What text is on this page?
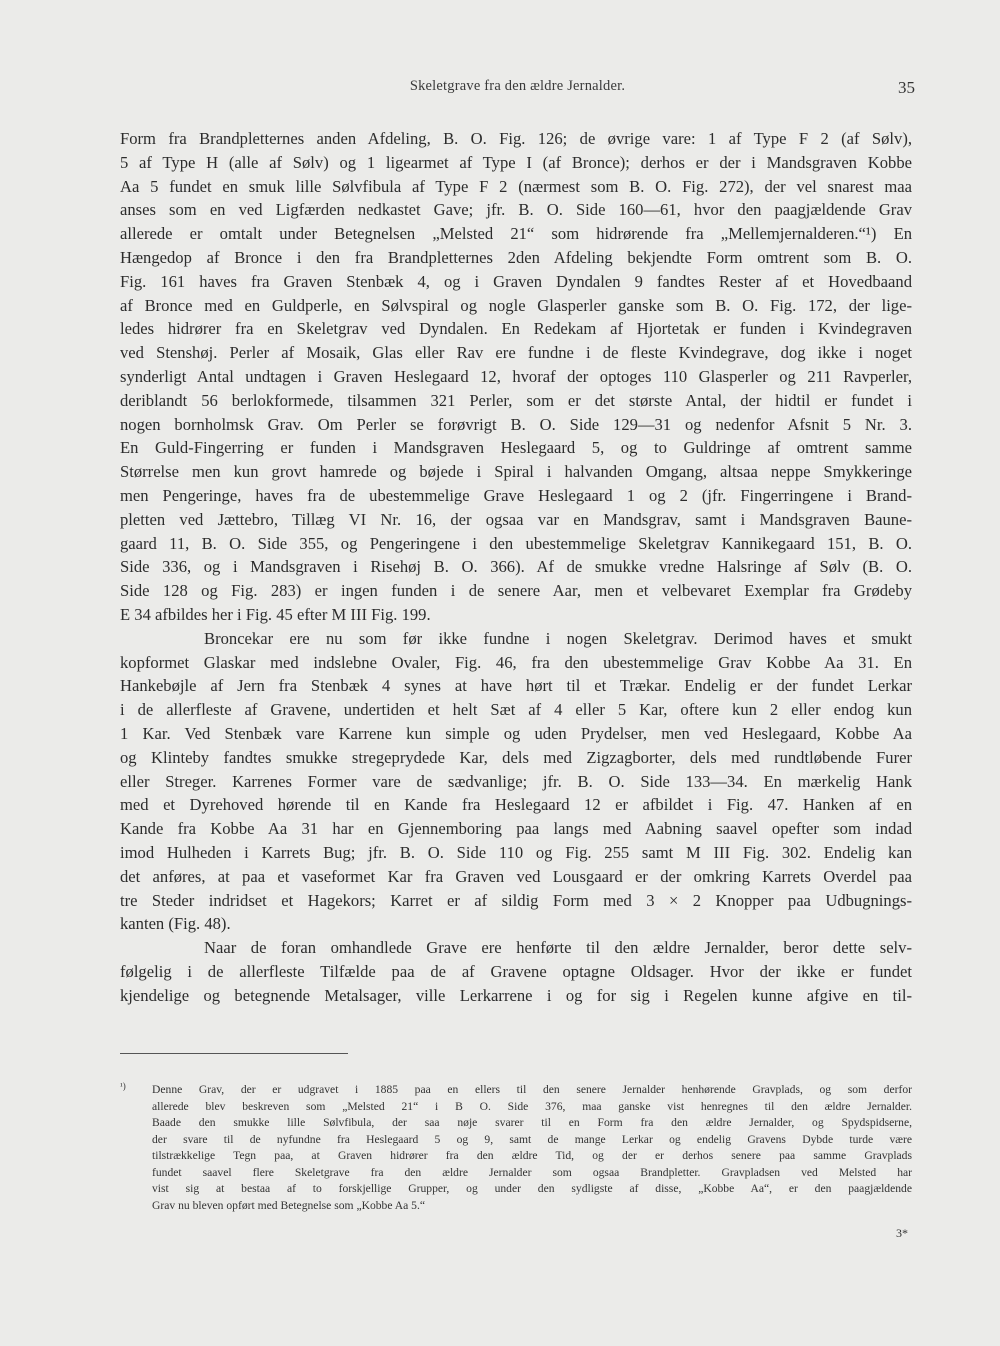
Skeletgrave fra den ældre Jernalder.	35
Form fra Brandpletternes anden Afdeling, B. O. Fig. 126; de øvrige vare: 1 af Type F 2 (af Sølv),
5 af Type H (alle af Sølv) og 1 ligearmet af Type I (af Bronce); derhos er der i Mandsgraven Kobbe
Aa 5 fundet en smuk lille Sølvfibula af Type F 2 (nærmest som B. O. Fig. 272), der vel snarest maa
anses som en ved Ligfærden nedkastet Gave; jfr. B. O. Side 160—61, hvor den paagjældende Grav
allerede er omtalt under Betegnelsen „Melsted 21“ som hidrørende fra „Mellemjernalderen.“¹) En
Hængedop af Bronce i den fra Brandpletternes 2den Afdeling bekjendte Form omtrent som B. O.
Fig. 161 haves fra Graven Stenbæk 4, og i Graven Dyndalen 9 fandtes Rester af et Hovedbaand
af Bronce med en Guldperle, en Sølvspiral og nogle Glasperler ganske som B. O. Fig. 172, der lige-
ledes hidrører fra en Skeletgrav ved Dyndalen. En Redekam af Hjortetak er funden i Kvindegraven
ved Stenshøj. Perler af Mosaik, Glas eller Rav ere fundne i de fleste Kvindegrave, dog ikke i noget
synderligt Antal undtagen i Graven Heslegaard 12, hvoraf der optoges 110 Glasperler og 211 Ravperler,
deriblandt 56 berlokformede, tilsammen 321 Perler, som er det største Antal, der hidtil er fundet i
nogen bornholmsk Grav. Om Perler se forøvrigt B. O. Side 129—31 og nedenfor Afsnit 5 Nr. 3.
En Guld-Fingerring er funden i Mandsgraven Heslegaard 5, og to Guldringe af omtrent samme
Størrelse men kun grovt hamrede og bøjede i Spiral i halvanden Omgang, altsaa neppe Smykkeringe
men Pengeringe, haves fra de ubestemmelige Grave Heslegaard 1 og 2 (jfr. Fingerringene i Brand-
pletten ved Jættebro, Tillæg VI Nr. 16, der ogsaa var en Mandsgrav, samt i Mandsgraven Baune-
gaard 11, B. O. Side 355, og Pengeringene i den ubestemmelige Skeletgrav Kannikegaard 151, B. O.
Side 336, og i Mandsgraven i Risehøj B. O. 366). Af de smukke vredne Halsringe af Sølv (B. O.
Side 128 og Fig. 283) er ingen funden i de senere Aar, men et velbevaret Exemplar fra Grødeby
E 34 afbildes her i Fig. 45 efter M III Fig. 199.
Broncekar ere nu som før ikke fundne i nogen Skeletgrav. Derimod haves et smukt
kopformet Glaskar med indslebne Ovaler, Fig. 46, fra den ubestemmelige Grav Kobbe Aa 31. En
Hankebøjle af Jern fra Stenbæk 4 synes at have hørt til et Trækar. Endelig er der fundet Lerkar
i de allerfleste af Gravene, undertiden et helt Sæt af 4 eller 5 Kar, oftere kun 2 eller endog kun
1 Kar. Ved Stenbæk vare Karrene kun simple og uden Prydelser, men ved Heslegaard, Kobbe Aa
og Klinteby fandtes smukke stregeprydede Kar, dels med Zigzagborter, dels med rundtløbende Furer
eller Streger. Karrenes Former vare de sædvanlige; jfr. B. O. Side 133—34. En mærkelig Hank
med et Dyrehoved hørende til en Kande fra Heslegaard 12 er afbildet i Fig. 47. Hanken af en
Kande fra Kobbe Aa 31 har en Gjennemboring paa langs med Aabning saavel opefter som indad
imod Hulheden i Karrets Bug; jfr. B. O. Side 110 og Fig. 255 samt M III Fig. 302. Endelig kan
det anføres, at paa et vaseformet Kar fra Graven ved Lousgaard er der omkring Karrets Overdel paa
tre Steder indridset et Hagekors; Karret er af sildig Form med 3 × 2 Knopper paa Udbugnings-
kanten (Fig. 48).
Naar de foran omhandlede Grave ere henførte til den ældre Jernalder, beror dette selv-
følgelig i de allerfleste Tilfælde paa de af Gravene optagne Oldsager. Hvor der ikke er fundet
kjendelige og betegnende Metalsager, ville Lerkarrene i og for sig i Regelen kunne afgive en til-
¹) Denne Grav, der er udgravet i 1885 paa en ellers til den senere Jernalder henhørende Gravplads, og som derfor
allerede blev beskreven som „Melsted 21“ i B O. Side 376, maa ganske vist henregnes til den ældre Jernalder.
Baade den smukke lille Sølvfibula, der saa nøje svarer til en Form fra den ældre Jernalder, og Spydspidserne,
der svare til de nyfundne fra Heslegaard 5 og 9, samt de mange Lerkar og endelig Gravens Dybde turde være
tilstrækkelige Tegn paa, at Graven hidrører fra den ældre Tid, og der er derhos senere paa samme Gravplads
fundet saavel flere Skeletgrave fra den ældre Jernalder som ogsaa Brandpletter. Gravpladsen ved Melsted har
vist sig at bestaa af to forskjellige Grupper, og under den sydligste af disse, „Kobbe Aa“, er den paagjældende
Grav nu bleven opført med Betegnelse som „Kobbe Aa 5.“
3*
